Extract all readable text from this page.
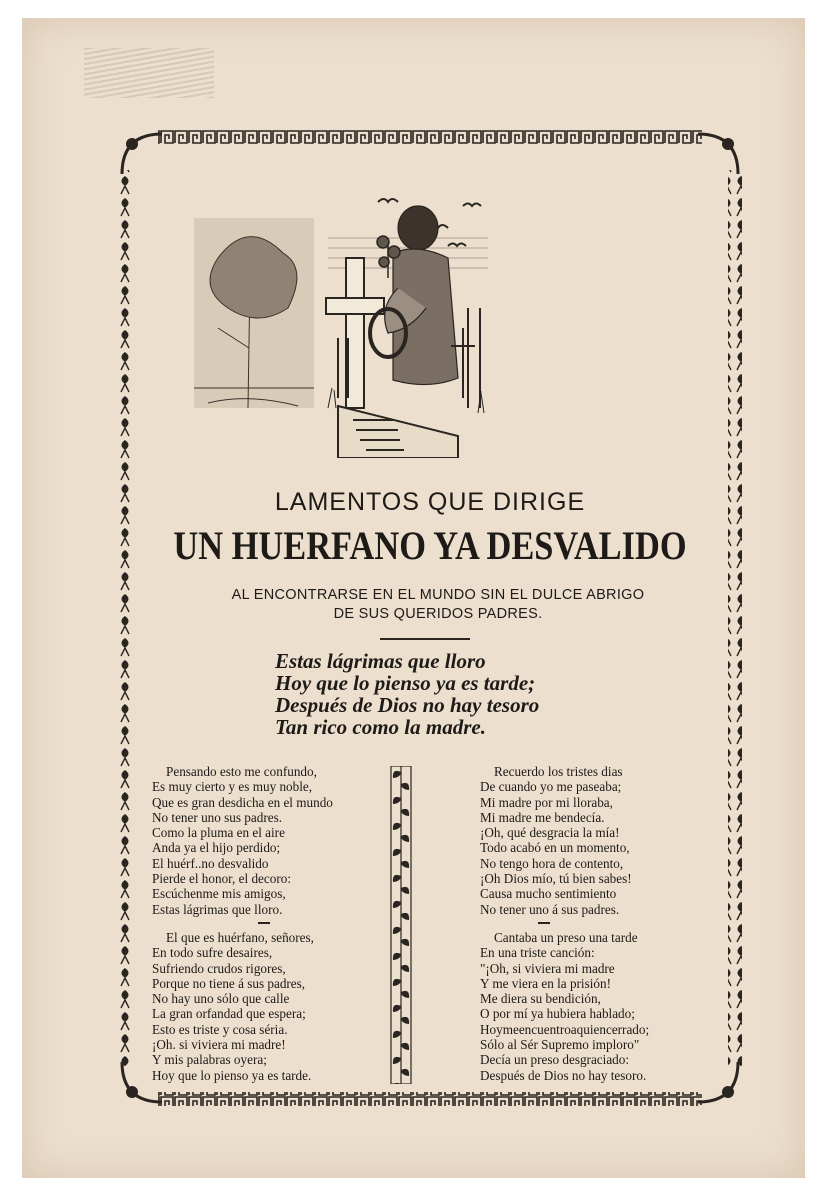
LAMENTOS QUE DIRIGE
UN HUERFANO YA DESVALIDO
AL ENCONTRARSE EN EL MUNDO SIN EL DULCE ABRIGO
DE SUS QUERIDOS PADRES.
Estas lágrimas que lloro
Hoy que lo pienso ya es tarde;
Después de Dios no hay tesoro
Tan rico como la madre.
Pensando esto me confundo,
Es muy cierto y es muy noble,
Que es gran desdicha en el mundo
No tener uno sus padres.
Como la pluma en el aire
Anda ya el hijo perdido;
El huérf..no desvalido
Pierde el honor, el decoro:
Escúchenme mis amigos,
Estas lágrimas que lloro.
El que es huérfano, señores,
En todo sufre desaires,
Sufriendo crudos rigores,
Porque no tiene á sus padres,
No hay uno sólo que calle
La gran orfandad que espera;
Esto es triste y cosa séria.
¡Oh. si viviera mi madre!
Y mis palabras oyera;
Hoy que lo pienso ya es tarde.
Recuerdo los tristes dias
De cuando yo me paseaba;
Mi madre por mi lloraba,
Mi madre me bendecía.
¡Oh, qué desgracia la mía!
Todo acabó en un momento,
No tengo hora de contento,
¡Oh Dios mío, tú bien sabes!
Causa mucho sentimiento
No tener uno á sus padres.
Cantaba un preso una tarde
En una triste canción:
"¡Oh, si viviera mi madre
Y me viera en la prisión!
Me diera su bendición,
O por mí ya hubiera hablado;
Hoymeencuentroaquiencerrado;
Sólo al Sér Supremo imploro"
Decía un preso desgraciado:
Después de Dios no hay tesoro.
